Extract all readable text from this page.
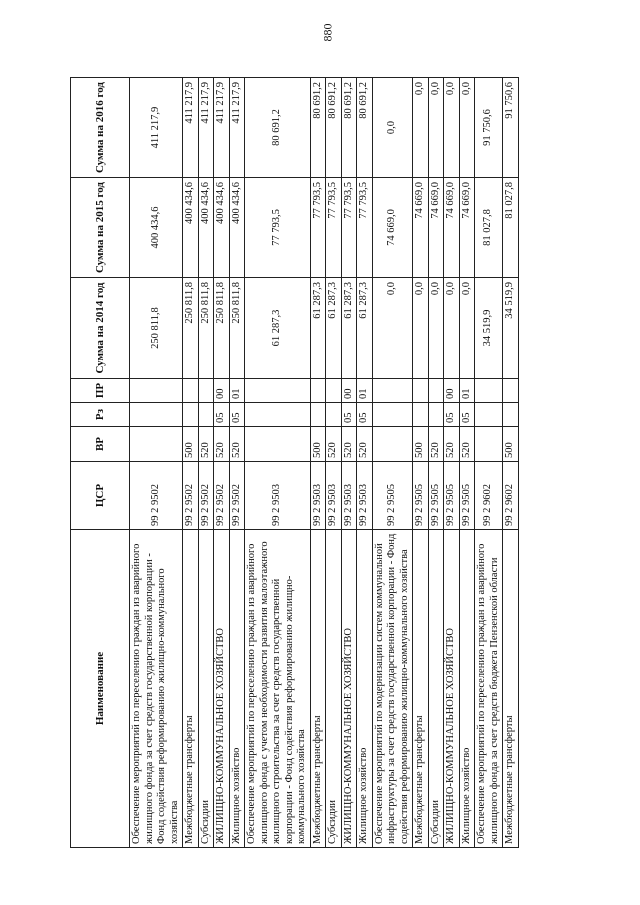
880
Наименование	ЦСР	ВР	Рз	ПР	Сумма на 2014 год	Сумма на 2015 год	Сумма на 2016 год
Обеспечение мероприятий по переселению граждан из аварийного жилищного фонда за счет средств государственной корпорации - Фонд содействия реформированию жилищно-коммунального хозяйства	99 2 9502				250 811,8	400 434,6	411 217,9
Межбюджетные трансферты	99 2 9502	500			250 811,8	400 434,6	411 217,9
Субсидии	99 2 9502	520			250 811,8	400 434,6	411 217,9
ЖИЛИЩНО-КОММУНАЛЬНОЕ ХОЗЯЙСТВО	99 2 9502	520	05	00	250 811,8	400 434,6	411 217,9
Жилищное хозяйство	99 2 9502	520	05	01	250 811,8	400 434,6	411 217,9
Обеспечение мероприятий по переселению граждан из аварийного жилищного фонда с учетом необходимости развития малоэтажного жилищного строительства за счет средств государственной корпорации - Фонд содействия реформированию жилищно-коммунального хозяйства	99 2 9503				61 287,3	77 793,5	80 691,2
Межбюджетные трансферты	99 2 9503	500			61 287,3	77 793,5	80 691,2
Субсидии	99 2 9503	520			61 287,3	77 793,5	80 691,2
ЖИЛИЩНО-КОММУНАЛЬНОЕ ХОЗЯЙСТВО	99 2 9503	520	05	00	61 287,3	77 793,5	80 691,2
Жилищное хозяйство	99 2 9503	520	05	01	61 287,3	77 793,5	80 691,2
Обеспечение мероприятий по модернизации систем коммунальной инфраструктуры за счет средств государственной корпорации - Фонд содействия реформированию жилищно-коммунального хозяйства	99 2 9505				0,0	74 669,0	0,0
Межбюджетные трансферты	99 2 9505	500			0,0	74 669,0	0,0
Субсидии	99 2 9505	520			0,0	74 669,0	0,0
ЖИЛИЩНО-КОММУНАЛЬНОЕ ХОЗЯЙСТВО	99 2 9505	520	05	00	0,0	74 669,0	0,0
Жилищное хозяйство	99 2 9505	520	05	01	0,0	74 669,0	0,0
Обеспечение мероприятий по переселению граждан из аварийного жилищного фонда за счет средств бюджета Пензенской области	99 2 9602				34 519,9	81 027,8	91 750,6
Межбюджетные трансферты	99 2 9602	500			34 519,9	81 027,8	91 750,6
